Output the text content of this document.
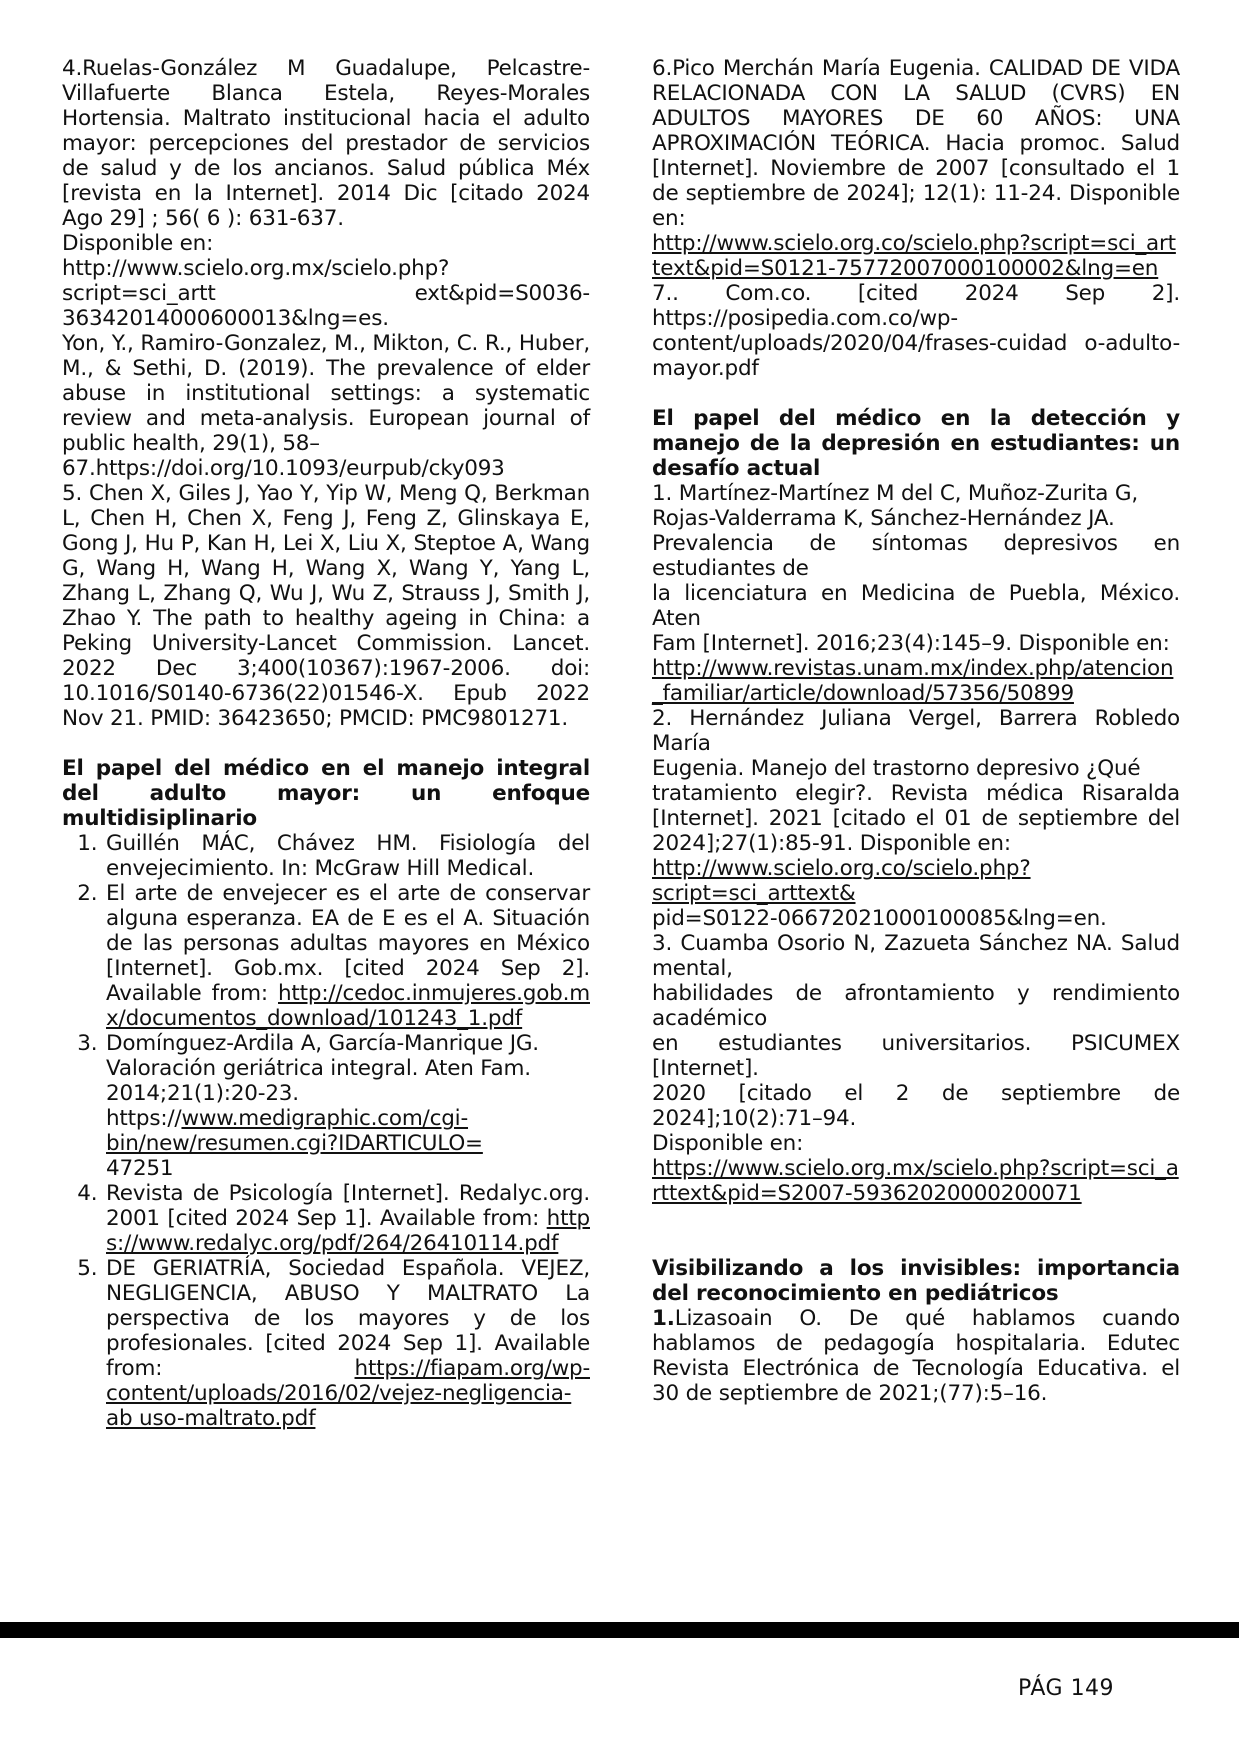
4.Ruelas-González M Guadalupe, Pelcastre-Villafuerte Blanca Estela, Reyes-Morales Hortensia. Maltrato institucional hacia el adulto mayor: percepciones del prestador de servicios de salud y de los ancianos. Salud pública Méx [revista en la Internet]. 2014 Dic [citado 2024 Ago 29] ; 56( 6 ): 631-637.

Disponible en:
http://www.scielo.org.mx/scielo.php?

script=sci_artt                   ext&pid=S0036-36342014000600013&lng=es.

Yon, Y., Ramiro-Gonzalez, M., Mikton, C. R., Huber, M., & Sethi, D. (2019). The prevalence of elder abuse in institutional settings: a systematic review and meta-analysis. European journal of public health, 29(1), 58–

67.https://doi.org/10.1093/eurpub/cky093

5. Chen X, Giles J, Yao Y, Yip W, Meng Q, Berkman L, Chen H, Chen X, Feng J, Feng Z, Glinskaya E, Gong J, Hu P, Kan H, Lei X, Liu X, Steptoe A, Wang G, Wang H, Wang H, Wang X, Wang Y, Yang L, Zhang L, Zhang Q, Wu J, Wu Z, Strauss J, Smith J, Zhao Y. The path to healthy ageing in China: a Peking University-Lancet Commission. Lancet. 2022 Dec 3;400(10367):1967-2006. doi: 10.1016/S0140-6736(22)01546-X. Epub 2022 Nov 21. PMID: 36423650; PMCID: PMC9801271.

El papel del médico en el manejo integral del adulto mayor: un enfoque multidisiplinario

1. Guillén MÁC, Chávez HM. Fisiología del envejecimiento. In: McGraw Hill Medical.
2. El arte de envejecer es el arte de conservar alguna esperanza. EA de E es el A. Situación de las personas adultas mayores en México [Internet]. Gob.mx. [cited 2024 Sep 2]. Available from: http://cedoc.inmujeres.gob.mx/documentos_download/101243_1.pdf
3. Domínguez-Ardila A, García-Manrique JG. Valoración geriátrica integral. Aten Fam. 2014;21(1):20-23. https://www.medigraphic.com/cgi-bin/new/resumen.cgi?IDARTICULO=
47251
4. Revista de Psicología [Internet]. Redalyc.org. 2001 [cited 2024 Sep 1]. Available from: https://www.redalyc.org/pdf/264/26410114.pdf
5. DE GERIATRÍA, Sociedad Española. VEJEZ, NEGLIGENCIA, ABUSO Y MALTRATO La perspectiva de los mayores y de los profesionales. [cited 2024 Sep 1]. Available from: https://fiapam.org/wp-content/uploads/2016/02/vejez-negligencia-ab uso-maltrato.pdf

6.Pico Merchán María Eugenia. CALIDAD DE VIDA RELACIONADA CON LA SALUD (CVRS) EN ADULTOS MAYORES DE 60 AÑOS: UNA APROXIMACIÓN TEÓRICA. Hacia promoc. Salud [Internet]. Noviembre de 2007 [consultado el 1 de septiembre de 2024]; 12(1): 11-24. Disponible en:

http://www.scielo.org.co/scielo.php?script=sci_arttext&pid=S0121-75772007000100002&lng=en

7.. Com.co. [cited 2024 Sep 2]. https://posipedia.com.co/wp-content/uploads/2020/04/frases-cuidad o-adulto-mayor.pdf

El papel del médico en la detección y manejo de la depresión en estudiantes: un desafío actual

1. Martínez-Martínez M del C, Muñoz-Zurita G,

Rojas-Valderrama K, Sánchez-Hernández JA.

Prevalencia de síntomas depresivos en estudiantes de

la licenciatura en Medicina de Puebla, México. Aten

Fam [Internet]. 2016;23(4):145–9. Disponible en:

http://www.revistas.unam.mx/index.php/atencion_familiar/article/download/57356/50899

2. Hernández Juliana Vergel, Barrera Robledo María

Eugenia. Manejo del trastorno depresivo ¿Qué

tratamiento elegir?. Revista médica Risaralda [Internet]. 2021 [citado el 01 de septiembre del 2024];27(1):85-91. Disponible en:

http://www.scielo.org.co/scielo.php?script=sci_arttext&
pid=S0122-06672021000100085&lng=en.

3. Cuamba Osorio N, Zazueta Sánchez NA. Salud mental,

habilidades de afrontamiento y rendimiento académico

en estudiantes universitarios. PSICUMEX [Internet].

2020 [citado el 2 de septiembre de 2024];10(2):71–94.

Disponible en:
https://www.scielo.org.mx/scielo.php?script=sci_arttext&pid=S2007-59362020000200071

Visibilizando a los invisibles: importancia del reconocimiento en pediátricos

1.Lizasoain O. De qué hablamos cuando hablamos de pedagogía hospitalaria. Edutec Revista Electrónica de Tecnología Educativa. el 30 de septiembre de 2021;(77):5–16.

PÁG 149
